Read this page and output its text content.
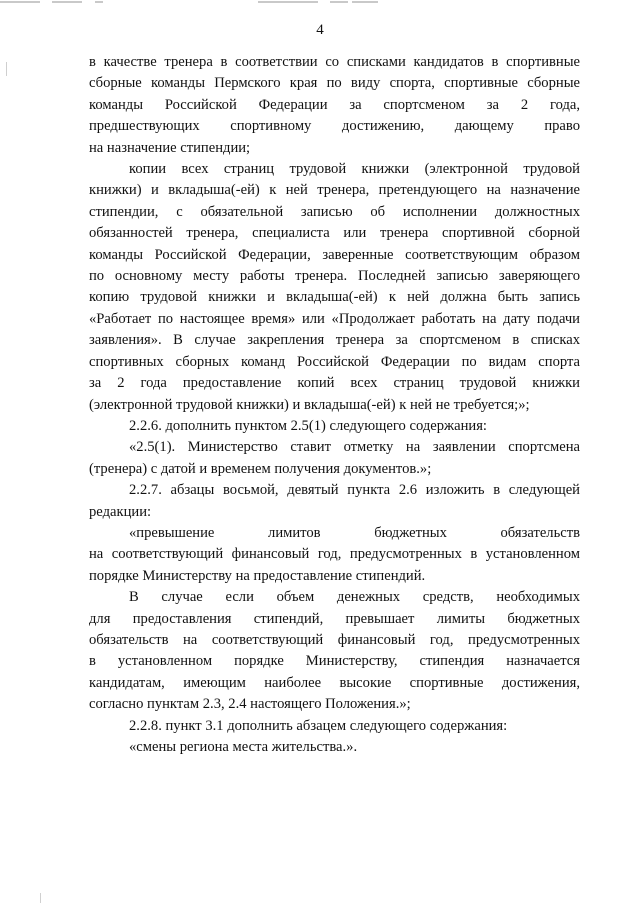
4
в качестве тренера в соответствии со списками кандидатов в спортивные
сборные команды Пермского края по виду спорта, спортивные сборные
команды Российской Федерации за спортсменом за 2 года,
предшествующих спортивному достижению, дающему право
на назначение стипендии;
копии всех страниц трудовой книжки (электронной трудовой
книжки) и вкладыша(-ей) к ней тренера, претендующего на назначение
стипендии, с обязательной записью об исполнении должностных
обязанностей тренера, специалиста или тренера спортивной сборной
команды Российской Федерации, заверенные соответствующим образом
по основному месту работы тренера. Последней записью заверяющего
копию трудовой книжки и вкладыша(-ей) к ней должна быть запись
«Работает по настоящее время» или «Продолжает работать на дату подачи
заявления». В случае закрепления тренера за спортсменом в списках
спортивных сборных команд Российской Федерации по видам спорта
за 2 года предоставление копий всех страниц трудовой книжки
(электронной трудовой книжки) и вкладыша(-ей) к ней не требуется;»;
2.2.6. дополнить пунктом 2.5(1) следующего содержания:
«2.5(1). Министерство ставит отметку на заявлении спортсмена
(тренера) с датой и временем получения документов.»;
2.2.7. абзацы восьмой, девятый пункта 2.6 изложить в следующей
редакции:
«превышение лимитов бюджетных обязательств
на соответствующий финансовый год, предусмотренных в установленном
порядке Министерству на предоставление стипендий.
В случае если объем денежных средств, необходимых
для предоставления стипендий, превышает лимиты бюджетных
обязательств на соответствующий финансовый год, предусмотренных
в установленном порядке Министерству, стипендия назначается
кандидатам, имеющим наиболее высокие спортивные достижения,
согласно пунктам 2.3, 2.4 настоящего Положения.»;
2.2.8. пункт 3.1 дополнить абзацем следующего содержания:
«смены региона места жительства.».
